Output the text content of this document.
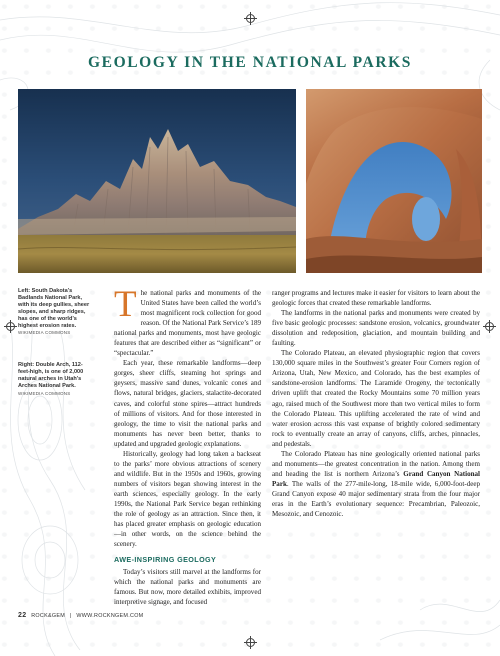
GEOLOGY IN THE NATIONAL PARKS
Left: South Dakota’s Badlands National Park, with its deep gullies, sheer slopes, and sharp ridges, has one of the world’s highest erosion rates.
WIKIMEDIA COMMONS
Right: Double Arch, 112-feet-high, is one of 2,000 natural arches in Utah’s Arches National Park.
WIKIMEDIA COMMONS

The national parks and monuments of the United States have been called the world’s most magnificent rock collection for good reason. Of the National Park Service’s 189 national parks and monuments, most have geologic features that are described either as “significant” or “spectacular.”

Each year, these remarkable landforms—deep gorges, sheer cliffs, steaming hot springs and geysers, massive sand dunes, volcanic cones and flows, natural bridges, glaciers, stalactite-decorated caves, and colorful stone spires—attract hundreds of millions of visitors. And for those interested in geology, the time to visit the national parks and monuments has never been better, thanks to updated and upgraded geologic explanations.

Historically, geology had long taken a backseat to the parks’ more obvious attractions of scenery and wildlife. But in the 1950s and 1960s, growing numbers of visitors began showing interest in the earth sciences, especially geology. In the early 1990s, the National Park Service began rethinking the role of geology as an attraction. Since then, it has placed greater emphasis on geologic education—in other words, on the science behind the scenery.

AWE-INSPIRING GEOLOGY

Today’s visitors still marvel at the landforms for which the national parks and monuments are famous. But now, more detailed exhibits, improved interpretive signage, and focused

ranger programs and lectures make it easier for visitors to learn about the geologic forces that created these remarkable landforms.

The landforms in the national parks and monuments were created by five basic geologic processes: sandstone erosion, volcanics, groundwater dissolution and redeposition, glaciation, and mountain building and faulting.

The Colorado Plateau, an elevated physiographic region that covers 130,000 square miles in the Southwest’s greater Four Corners region of Arizona, Utah, New Mexico, and Colorado, has the best examples of sandstone-erosion landforms. The Laramide Orogeny, the tectonically driven uplift that created the Rocky Mountains some 70 million years ago, raised much of the Southwest more than two vertical miles to form the Colorado Plateau. This uplifting accelerated the rate of wind and water erosion across this vast expanse of brightly colored sedimentary rock to eventually create an array of canyons, cliffs, arches, pinnacles, and pedestals.

The Colorado Plateau has nine geologically oriented national parks and monuments—the greatest concentration in the nation. Among them and heading the list is northern Arizona’s Grand Canyon National Park. The walls of the 277-mile-long, 18-mile wide, 6,000-foot-deep Grand Canyon expose 40 major sedimentary strata from the four major eras in the Earth’s evolutionary sequence: Precambrian, Paleozoic, Mesozoic, and Cenozoic.

22 ROCK&GEM | WWW.ROCKNGEM.COM
